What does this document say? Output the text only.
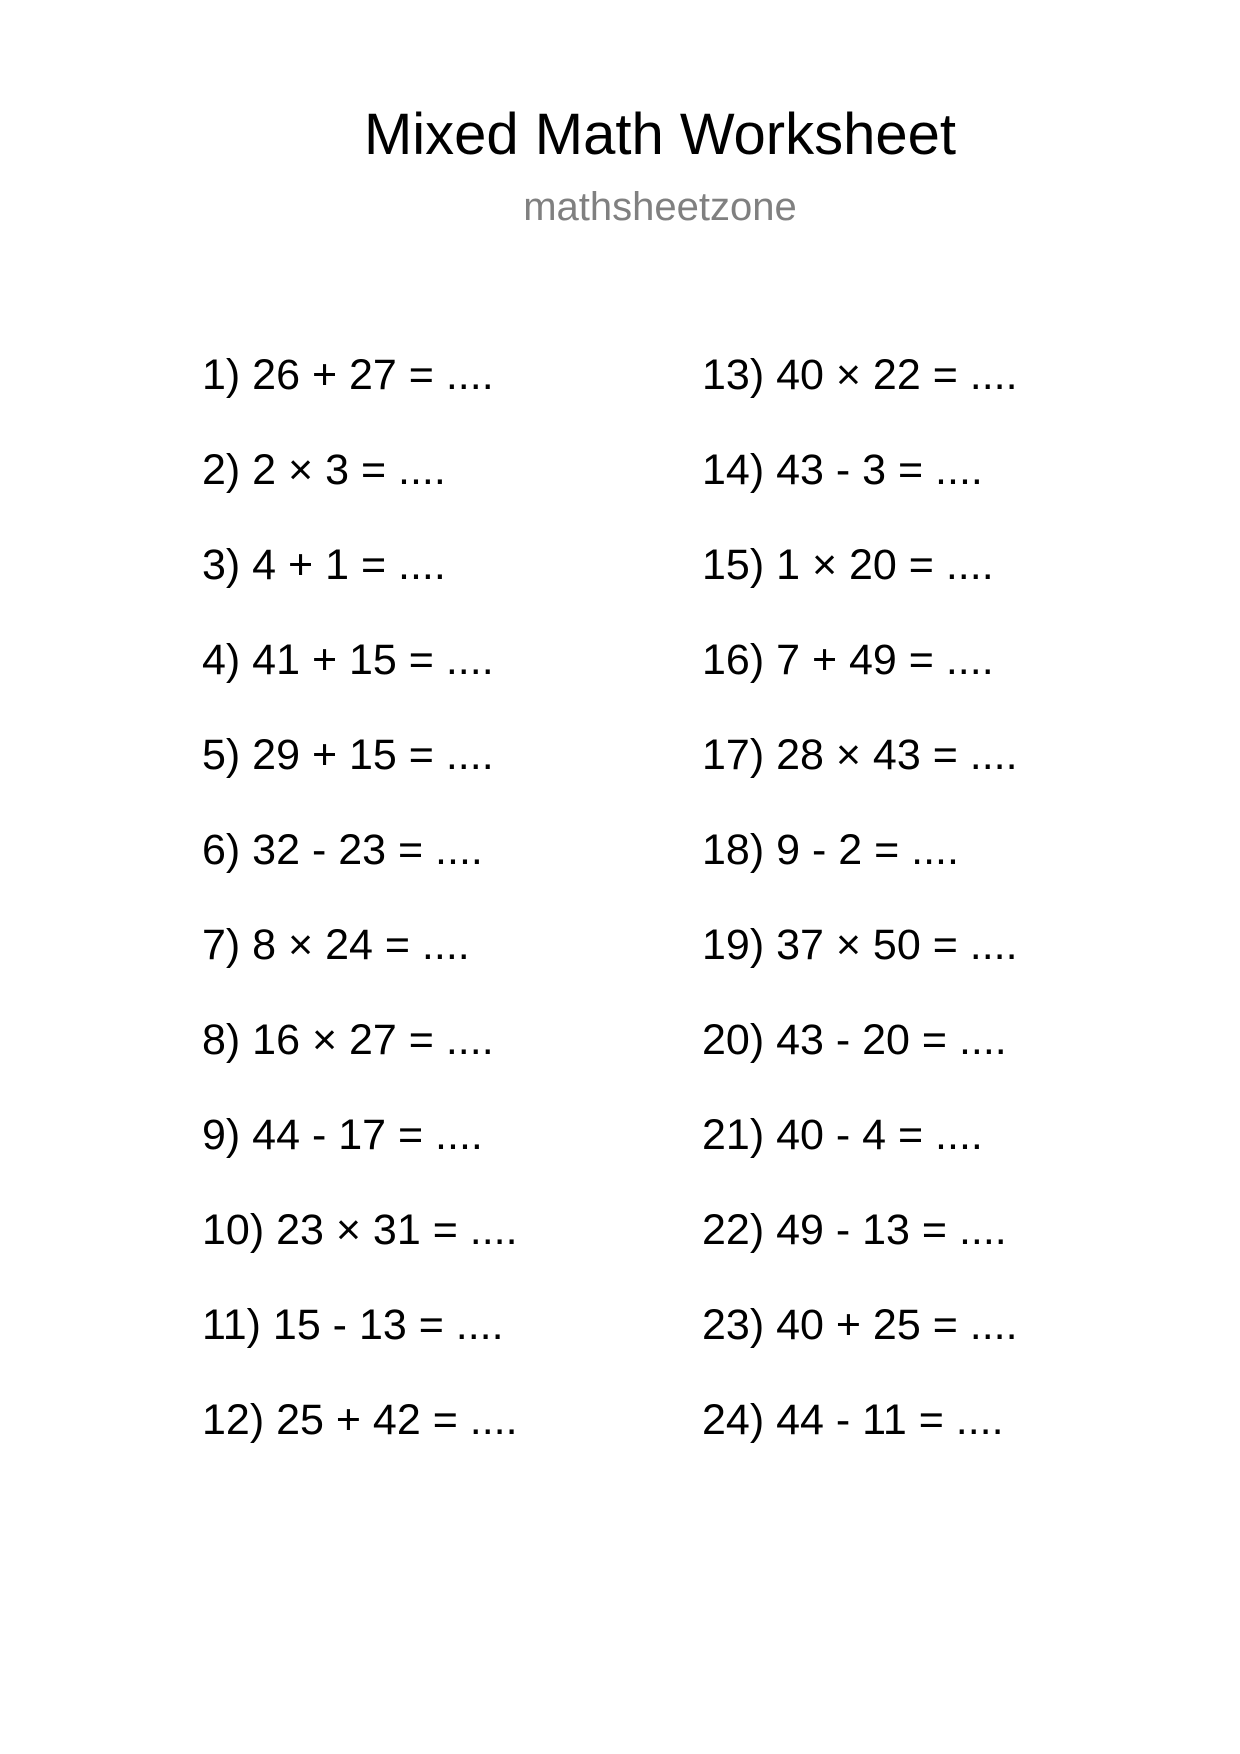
Mixed Math Worksheet
mathsheetzone
1) 26 + 27 = ....
2) 2 × 3 = ....
3) 4 + 1 = ....
4) 41 + 15 = ....
5) 29 + 15 = ....
6) 32 - 23 = ....
7) 8 × 24 = ....
8) 16 × 27 = ....
9) 44 - 17 = ....
10) 23 × 31 = ....
11) 15 - 13 = ....
12) 25 + 42 = ....
13) 40 × 22 = ....
14) 43 - 3 = ....
15) 1 × 20 = ....
16) 7 + 49 = ....
17) 28 × 43 = ....
18) 9 - 2 = ....
19) 37 × 50 = ....
20) 43 - 20 = ....
21) 40 - 4 = ....
22) 49 - 13 = ....
23) 40 + 25 = ....
24) 44 - 11 = ....
